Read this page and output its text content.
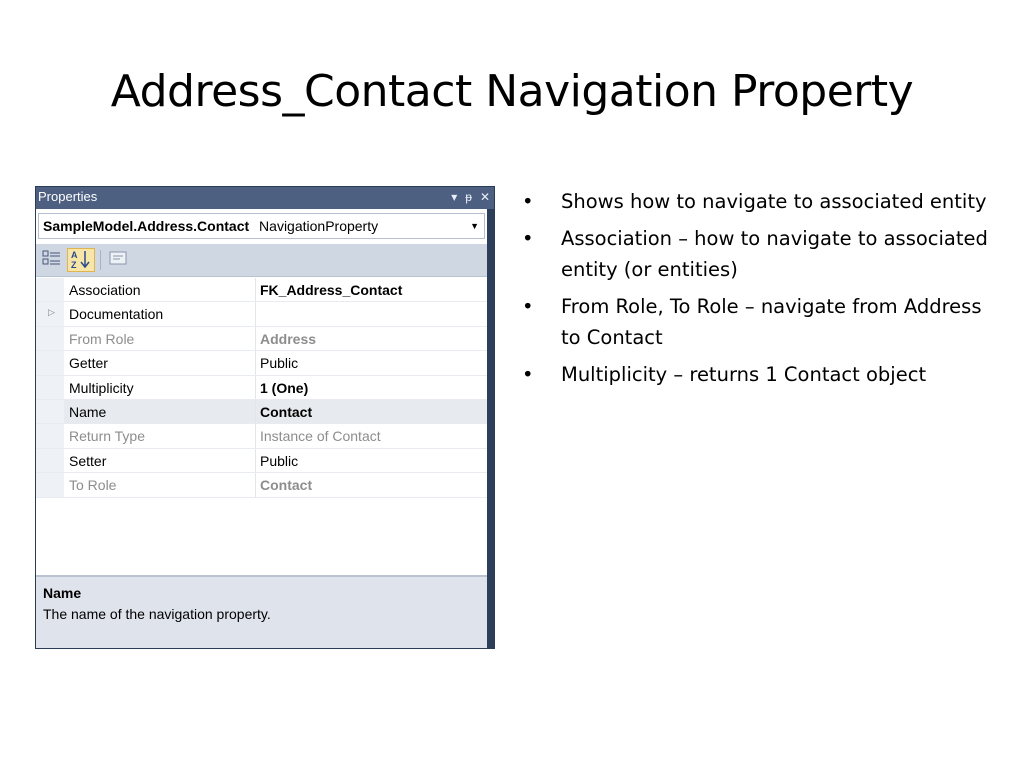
Address_Contact Navigation Property
Properties	▾ ᵽ ✕
SampleModel.Address.Contact NavigationProperty	▼
A
Z
Association	FK_Address_Contact
▷ Documentation
From Role	Address
Getter	Public
Multiplicity	1 (One)
Name	Contact
Return Type	Instance of Contact
Setter	Public
To Role	Contact
Name
The name of the navigation property.
• Shows how to navigate to associated entity
• Association – how to navigate to associated entity (or entities)
• From Role, To Role – navigate from Address to Contact
• Multiplicity – returns 1 Contact object
